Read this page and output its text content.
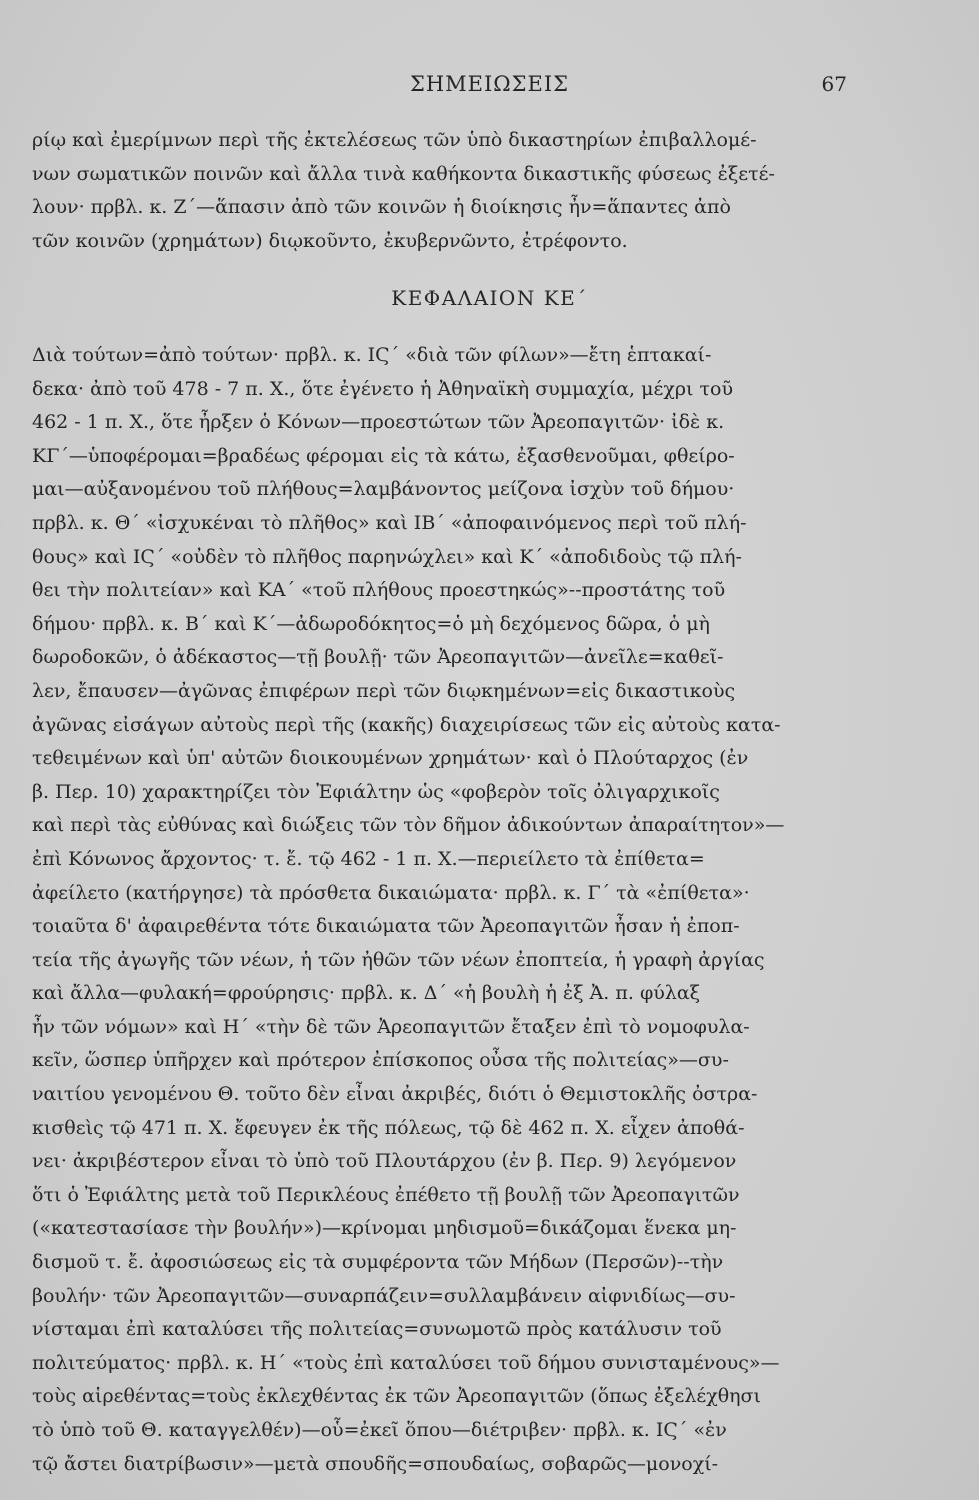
ΣΗΜΕΙΩΣΕΙΣ	67
ρίῳ καὶ ἐμερίμνων περὶ τῆς ἐκτελέσεως τῶν ὑπὸ δικαστηρίων ἐπιβαλλομέ-
νων σωματικῶν ποινῶν καὶ ἄλλα τινὰ καθήκοντα δικαστικῆς φύσεως ἐξετέ-
λουν· πρβλ. κ. Ζ΄—ἅπασιν ἀπὸ τῶν κοινῶν ἡ διοίκησις ἦν=ἅπαντες ἀπὸ
τῶν κοινῶν (χρημάτων) διῳκοῦντο, ἐκυβερνῶντο, ἐτρέφοντο.
ΚΕΦΑΛΑΙΟΝ ΚΕ΄
Διὰ τούτων=ἀπὸ τούτων· πρβλ. κ. ΙϚ΄ «διὰ τῶν φίλων»—ἔτη ἑπτακαί-
δεκα· ἀπὸ τοῦ 478 - 7 π. Χ., ὅτε ἐγένετο ἡ Ἀθηναϊκὴ συμμαχία, μέχρι τοῦ
462 - 1 π. Χ., ὅτε ἦρξεν ὁ Κόνων—προεστώτων τῶν Ἀρεοπαγιτῶν· ἰδὲ κ.
ΚΓ΄—ὑποφέρομαι=βραδέως φέρομαι εἰς τὰ κάτω, ἐξασθενοῦμαι, φθείρο-
μαι—αὐξανομένου τοῦ πλήθους=λαμβάνοντος μείζονα ἰσχὺν τοῦ δήμου·
πρβλ. κ. Θ΄ «ἰσχυκέναι τὸ πλῆθος» καὶ ΙΒ΄ «ἀποφαινόμενος περὶ τοῦ πλή-
θους» καὶ ΙϚ΄ «οὐδὲν τὸ πλῆθος παρηνώχλει» καὶ Κ΄ «ἀποδιδοὺς τῷ πλή-
θει τὴν πολιτείαν» καὶ ΚΑ΄ «τοῦ πλήθους προεστηκώς»--προστάτης τοῦ
δήμου· πρβλ. κ. Β΄ καὶ Κ΄—ἀδωροδόκητος=ὁ μὴ δεχόμενος δῶρα, ὁ μὴ
δωροδοκῶν, ὁ ἀδέκαστος—τῇ βουλῇ· τῶν Ἀρεοπαγιτῶν—ἀνεῖλε=καθεῖ-
λεν, ἔπαυσεν—ἀγῶνας ἐπιφέρων περὶ τῶν διῳκημένων=εἰς δικαστικοὺς
ἀγῶνας εἰσάγων αὐτοὺς περὶ τῆς (κακῆς) διαχειρίσεως τῶν εἰς αὐτοὺς κατα-
τεθειμένων καὶ ὑπ' αὐτῶν διοικουμένων χρημάτων· καὶ ὁ Πλούταρχος (ἐν
β. Περ. 10) χαρακτηρίζει τὸν Ἐφιάλτην ὡς «φοβερὸν τοῖς ὀλιγαρχικοῖς
καὶ περὶ τὰς εὐθύνας καὶ διώξεις τῶν τὸν δῆμον ἀδικούντων ἀπαραίτητον»—
ἐπὶ Κόνωνος ἄρχοντος· τ. ἔ. τῷ 462 - 1 π. Χ.—περιείλετο τὰ ἐπίθετα=
ἀφείλετο (κατήργησε) τὰ πρόσθετα δικαιώματα· πρβλ. κ. Γ΄ τὰ «ἐπίθετα»·
τοιαῦτα δ' ἀφαιρεθέντα τότε δικαιώματα τῶν Ἀρεοπαγιτῶν ἦσαν ἡ ἐποπ-
τεία τῆς ἀγωγῆς τῶν νέων, ἡ τῶν ἠθῶν τῶν νέων ἐποπτεία, ἡ γραφὴ ἀργίας
καὶ ἄλλα—φυλακή=φρούρησις· πρβλ. κ. Δ΄ «ἡ βουλὴ ἡ ἐξ Ἀ. π. φύλαξ
ἦν τῶν νόμων» καὶ Η΄ «τὴν δὲ τῶν Ἀρεοπαγιτῶν ἔταξεν ἐπὶ τὸ νομοφυλα-
κεῖν, ὥσπερ ὑπῆρχεν καὶ πρότερον ἐπίσκοπος οὖσα τῆς πολιτείας»—συ-
ναιτίου γενομένου Θ. τοῦτο δὲν εἶναι ἀκριβές, διότι ὁ Θεμιστοκλῆς ὀστρα-
κισθεὶς τῷ 471 π. Χ. ἔφευγεν ἐκ τῆς πόλεως, τῷ δὲ 462 π. Χ. εἶχεν ἀποθά-
νει· ἀκριβέστερον εἶναι τὸ ὑπὸ τοῦ Πλουτάρχου (ἐν β. Περ. 9) λεγόμενον
ὅτι ὁ Ἐφιάλτης μετὰ τοῦ Περικλέους ἐπέθετο τῇ βουλῇ τῶν Ἀρεοπαγιτῶν
(«κατεστασίασε τὴν βουλήν»)—κρίνομαι μηδισμοῦ=δικάζομαι ἕνεκα μη-
δισμοῦ τ. ἔ. ἀφοσιώσεως εἰς τὰ συμφέροντα τῶν Μήδων (Περσῶν)--τὴν
βουλήν· τῶν Ἀρεοπαγιτῶν—συναρπάζειν=συλλαμβάνειν αἰφνιδίως—συ-
νίσταμαι ἐπὶ καταλύσει τῆς πολιτείας=συνωμοτῶ πρὸς κατάλυσιν τοῦ
πολιτεύματος· πρβλ. κ. Η΄ «τοὺς ἐπὶ καταλύσει τοῦ δήμου συνισταμένους»—
τοὺς αἱρεθέντας=τοὺς ἐκλεχθέντας ἐκ τῶν Ἀρεοπαγιτῶν (ὅπως ἐξελέχθησι
τὸ ὑπὸ τοῦ Θ. καταγγελθέν)—οὗ=ἐκεῖ ὅπου—διέτριβεν· πρβλ. κ. ΙϚ΄ «ἐν
τῷ ἄστει διατρίβωσιν»—μετὰ σπουδῆς=σπουδαίως, σοβαρῶς—μονοχί-
